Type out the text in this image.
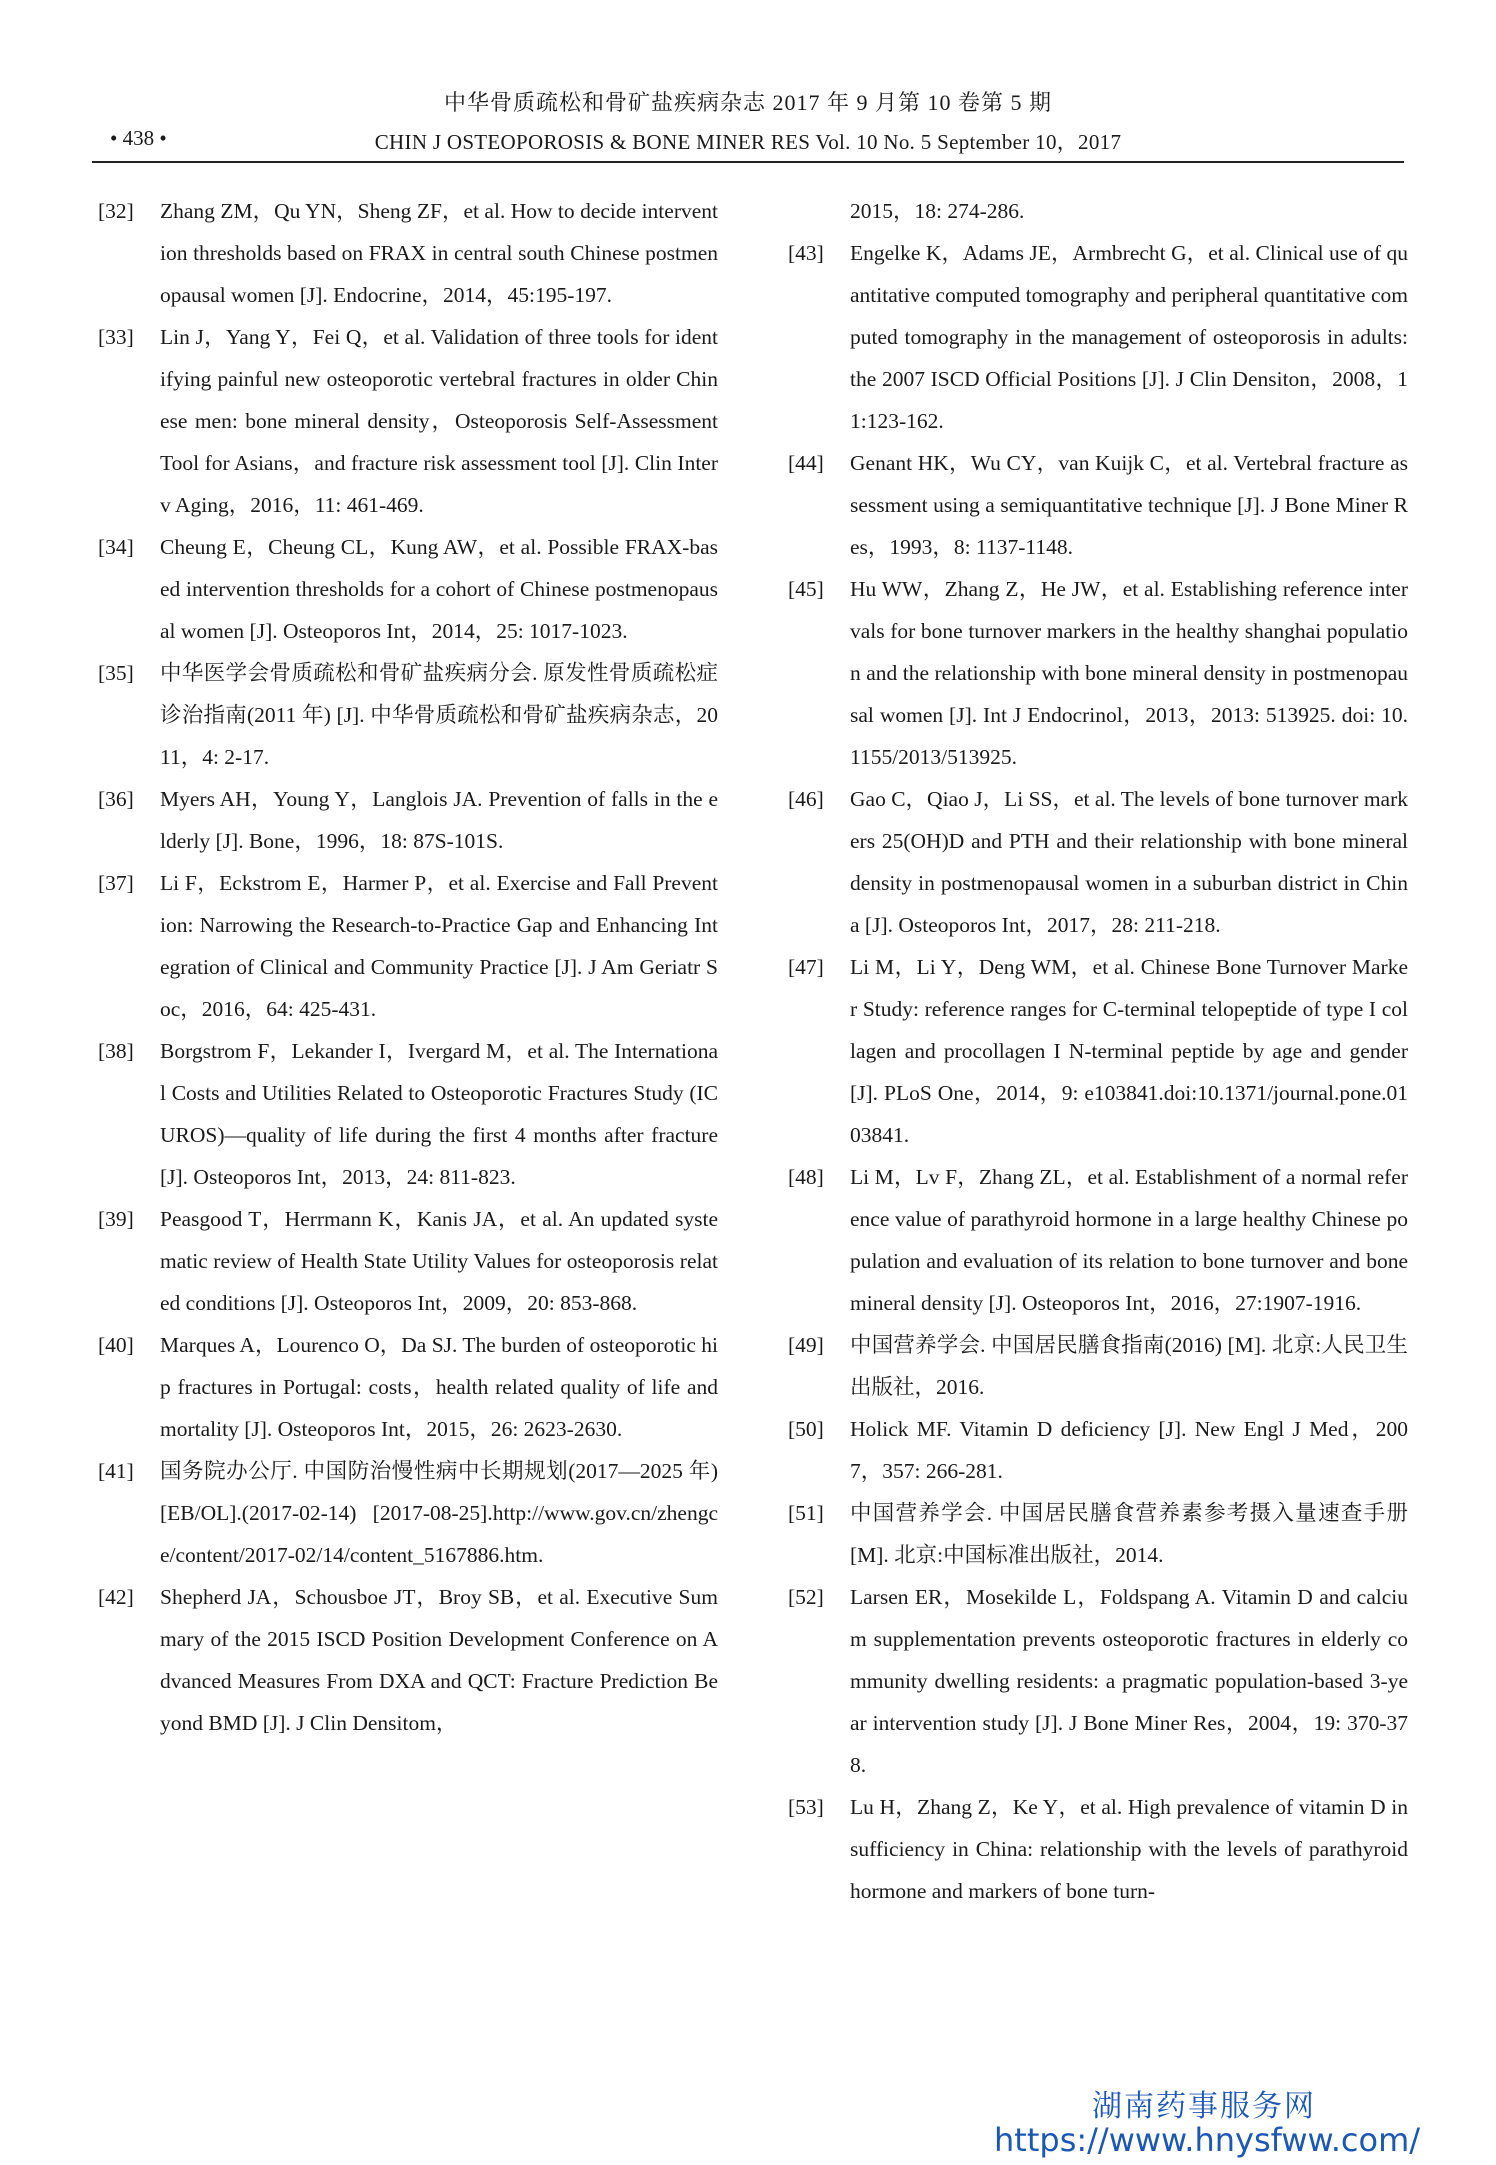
中华骨质疏松和骨矿盐疾病杂志 2017 年 9 月第 10 卷第 5 期
• 438 •	CHIN J OSTEOPOROSIS & BONE MINER RES Vol. 10 No. 5 September 10，2017
[32]	Zhang ZM，Qu YN，Sheng ZF，et al. How to decide intervention thresholds based on FRAX in central south Chinese postmenopausal women [J]. Endocrine，2014，45:195-197.
[33]	Lin J，Yang Y，Fei Q，et al. Validation of three tools for identifying painful new osteoporotic vertebral fractures in older Chinese men: bone mineral density，Osteoporosis Self-Assessment Tool for Asians，and fracture risk assessment tool [J]. Clin Interv Aging，2016，11: 461-469.
[34]	Cheung E，Cheung CL，Kung AW，et al. Possible FRAX-based intervention thresholds for a cohort of Chinese postmenopausal women [J]. Osteoporos Int，2014，25: 1017-1023.
[35]	中华医学会骨质疏松和骨矿盐疾病分会. 原发性骨质疏松症诊治指南(2011 年) [J]. 中华骨质疏松和骨矿盐疾病杂志，2011，4: 2-17.
[36]	Myers AH，Young Y，Langlois JA. Prevention of falls in the elderly [J]. Bone，1996，18: 87S-101S.
[37]	Li F，Eckstrom E，Harmer P，et al. Exercise and Fall Prevention: Narrowing the Research-to-Practice Gap and Enhancing Integration of Clinical and Community Practice [J]. J Am Geriatr Soc，2016，64: 425-431.
[38]	Borgstrom F，Lekander I，Ivergard M，et al. The International Costs and Utilities Related to Osteoporotic Fractures Study (ICUROS)—quality of life during the first 4 months after fracture [J]. Osteoporos Int，2013，24: 811-823.
[39]	Peasgood T，Herrmann K，Kanis JA，et al. An updated systematic review of Health State Utility Values for osteoporosis related conditions [J]. Osteoporos Int，2009，20: 853-868.
[40]	Marques A，Lourenco O，Da SJ. The burden of osteoporotic hip fractures in Portugal: costs，health related quality of life and mortality [J]. Osteoporos Int，2015，26: 2623-2630.
[41]	国务院办公厅. 中国防治慢性病中长期规划(2017—2025 年) [EB/OL].(2017-02-14) [2017-08-25].http://www.gov.cn/zhengce/content/2017-02/14/content_5167886.htm.
[42]	Shepherd JA，Schousboe JT，Broy SB，et al. Executive Summary of the 2015 ISCD Position Development Conference on Advanced Measures From DXA and QCT: Fracture Prediction Beyond BMD [J]. J Clin Densitom，
2015，18: 274-286.
[43]	Engelke K，Adams JE，Armbrecht G，et al. Clinical use of quantitative computed tomography and peripheral quantitative computed tomography in the management of osteoporosis in adults: the 2007 ISCD Official Positions [J]. J Clin Densiton，2008，11:123-162.
[44]	Genant HK，Wu CY，van Kuijk C，et al. Vertebral fracture assessment using a semiquantitative technique [J]. J Bone Miner Res，1993，8: 1137-1148.
[45]	Hu WW，Zhang Z，He JW，et al. Establishing reference intervals for bone turnover markers in the healthy shanghai population and the relationship with bone mineral density in postmenopausal women [J]. Int J Endocrinol，2013，2013: 513925. doi: 10.1155/2013/513925.
[46]	Gao C，Qiao J，Li SS，et al. The levels of bone turnover markers 25(OH)D and PTH and their relationship with bone mineral density in postmenopausal women in a suburban district in China [J]. Osteoporos Int，2017，28: 211-218.
[47]	Li M，Li Y，Deng WM，et al. Chinese Bone Turnover Marker Study: reference ranges for C-terminal telopeptide of type I collagen and procollagen I N-terminal peptide by age and gender [J]. PLoS One，2014，9: e103841.doi:10.1371/journal.pone.0103841.
[48]	Li M，Lv F，Zhang ZL，et al. Establishment of a normal reference value of parathyroid hormone in a large healthy Chinese population and evaluation of its relation to bone turnover and bone mineral density [J]. Osteoporos Int，2016，27:1907-1916.
[49]	中国营养学会. 中国居民膳食指南(2016) [M]. 北京:人民卫生出版社，2016.
[50]	Holick MF. Vitamin D deficiency [J]. New Engl J Med，2007，357: 266-281.
[51]	中国营养学会. 中国居民膳食营养素参考摄入量速查手册 [M]. 北京:中国标准出版社，2014.
[52]	Larsen ER，Mosekilde L，Foldspang A. Vitamin D and calcium supplementation prevents osteoporotic fractures in elderly community dwelling residents: a pragmatic population-based 3-year intervention study [J]. J Bone Miner Res，2004，19: 370-378.
[53]	Lu H，Zhang Z，Ke Y，et al. High prevalence of vitamin D insufficiency in China: relationship with the levels of parathyroid hormone and markers of bone turn-
湖南药事服务网
https://www.hnysfww.com/
